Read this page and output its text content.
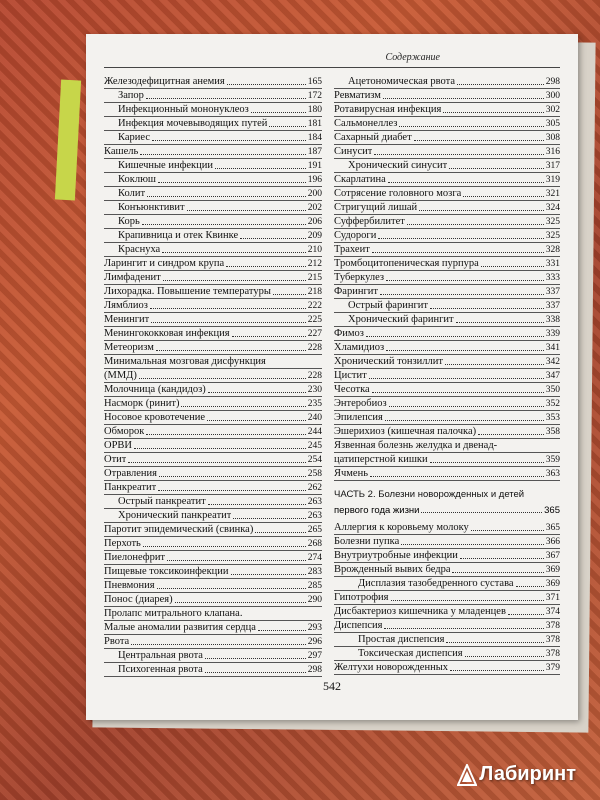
Содержание
Железодефицитная анемия	165
Запор	172
Инфекционный мононуклеоз	180
Инфекция мочевыводящих путей	181
Кариес	184
Кашель	187
Кишечные инфекции	191
Коклюш	196
Колит	200
Конъюнктивит	202
Корь	206
Крапивница и отек Квинке	209
Краснуха	210
Ларингит и синдром крупа	212
Лимфаденит	215
Лихорадка. Повышение температуры	218
Лямблиоз	222
Менингит	225
Менингококковая инфекция	227
Метеоризм	228
Минимальная мозговая дисфункция
(ММД)	228
Молочница (кандидоз)	230
Насморк (ринит)	235
Носовое кровотечение	240
Обморок	244
ОРВИ	245
Отит	254
Отравления	258
Панкреатит	262
Острый панкреатит	263
Хронический панкреатит	263
Паротит эпидемический (свинка)	265
Перхоть	268
Пиелонефрит	274
Пищевые токсикоинфекции	283
Пневмония	285
Понос (диарея)	290
Пролапс митрального клапана.
Малые аномалии развития сердца	293
Рвота	296
Центральная рвота	297
Психогенная рвота	298
Ацетономическая рвота	298
Ревматизм	300
Ротавирусная инфекция	302
Сальмонеллез	305
Сахарный диабет	308
Синусит	316
Хронический синусит	317
Скарлатина	319
Сотрясение головного мозга	321
Стригущий лишай	324
Суффербилитет	325
Судороги	325
Трахеит	328
Тромбоцитопеническая пурпура	331
Туберкулез	333
Фарингит	337
Острый фарингит	337
Хронический фарингит	338
Фимоз	339
Хламидиоз	341
Хронический тонзиллит	342
Цистит	347
Чесотка	350
Энтеробиоз	352
Эпилепсия	353
Эшерихиоз (кишечная палочка)	358
Язвенная болезнь желудка и двенад-
цатиперстной кишки	359
Ячмень	363
ЧАСТЬ 2. Болезни новорожденных и детей
первого года жизни	365
Аллергия к коровьему молоку	365
Болезни пупка	366
Внутриутробные инфекции	367
Врожденный вывих бедра	369
Дисплазия тазобедренного сустава	369
Гипотрофия	371
Дисбактериоз кишечника у младенцев	374
Диспепсия	378
Простая диспепсия	378
Токсическая диспепсия	378
Желтухи новорожденных	379
542
Лабиринт
